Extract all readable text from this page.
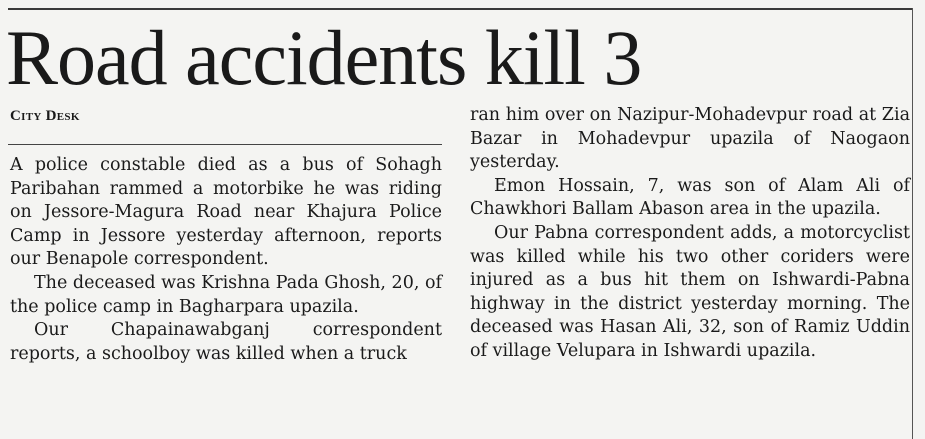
Road accidents kill 3
City Desk

A police constable died as a bus of Sohagh Paribahan rammed a motorbike he was riding on Jessore-Magura Road near Khajura Police Camp in Jessore yesterday afternoon, reports our Benapole correspondent.

The deceased was Krishna Pada Ghosh, 20, of the police camp in Bagharpara upazila.

Our Chapainawabganj correspondent reports, a schoolboy was killed when a truck

ran him over on Nazipur-Mohadevpur road at Zia Bazar in Mohadevpur upazila of Naogaon yesterday.

Emon Hossain, 7, was son of Alam Ali of Chawkhori Ballam Abason area in the upazila.

Our Pabna correspondent adds, a motorcyclist was killed while his two other coriders were injured as a bus hit them on Ishwardi-Pabna highway in the district yesterday morning. The deceased was Hasan Ali, 32, son of Ramiz Uddin of village Velupara in Ishwardi upazila.
